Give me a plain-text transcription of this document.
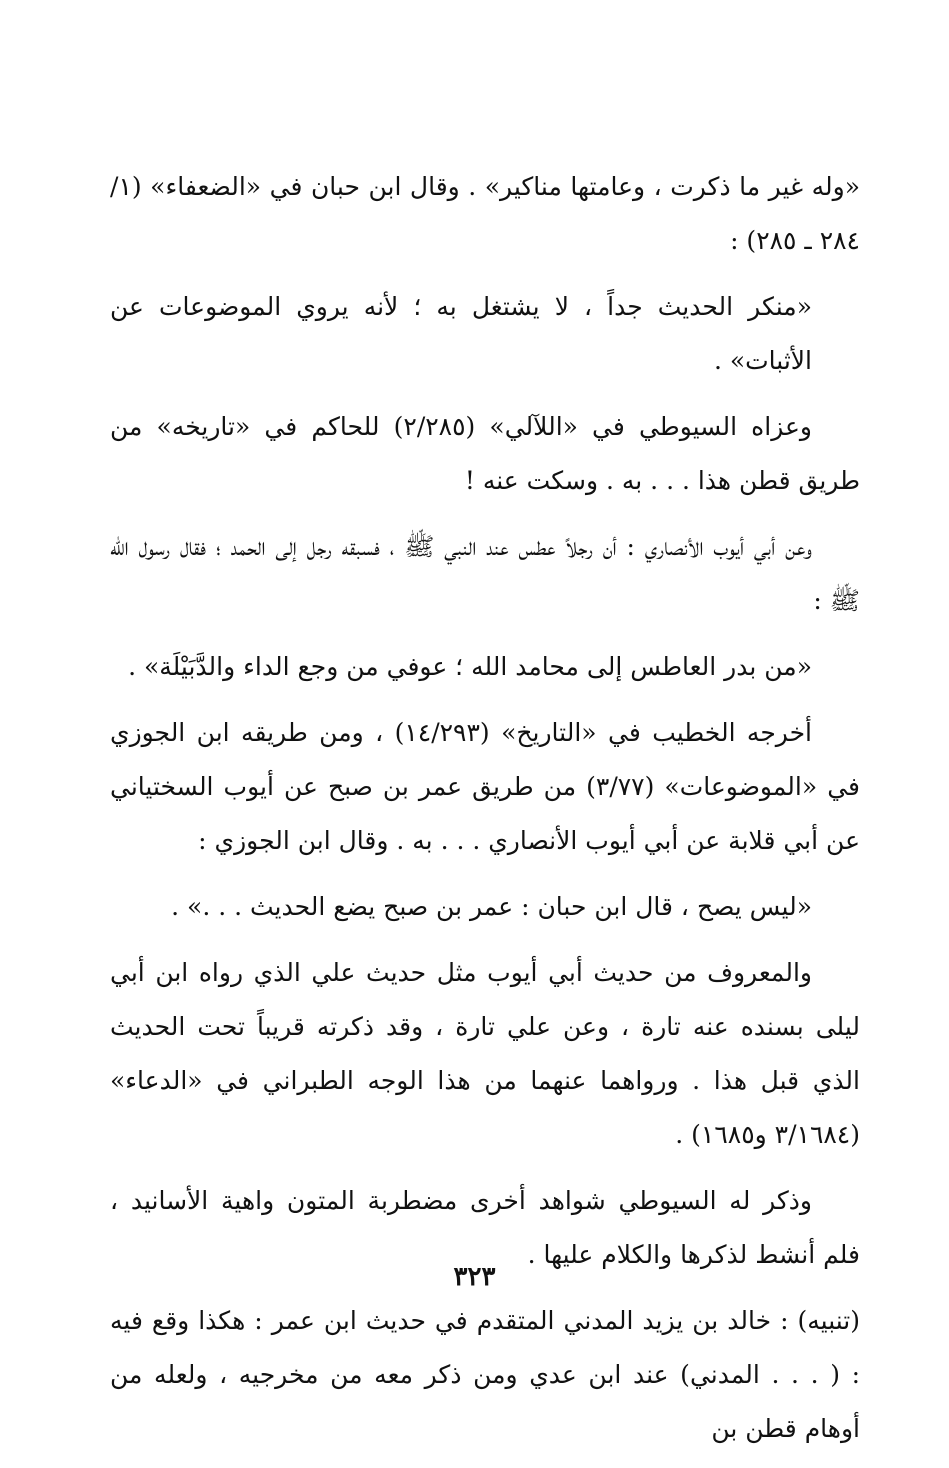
«وله غير ما ذكرت ، وعامتها مناكير» . وقال ابن حبان في «الضعفاء» (١/ ٢٨٤ ـ ٢٨٥) :

«منكر الحديث جداً ، لا يشتغل به ؛ لأنه يروي الموضوعات عن الأثبات» .

وعزاه السيوطي في «اللآلي» (٢/٢٨٥) للحاكم في «تاريخه» من طريق قطن هذا . . . به . وسكت عنه !

وعن أبي أيوب الأنصاري : أن رجلاً عطس عند النبي ﷺ ، فسبقه رجل إلى الحمد ؛ فقال رسول الله ﷺ :

«من بدر العاطس إلى محامد الله ؛ عوفي من وجع الداء والدَّبَيْلَة» .

أخرجه الخطيب في «التاريخ» (١٤/٢٩٣) ، ومن طريقه ابن الجوزي في «الموضوعات» (٣/٧٧) من طريق عمر بن صبح عن أيوب السختياني عن أبي قلابة عن أبي أيوب الأنصاري . . . به . وقال ابن الجوزي :

«ليس يصح ، قال ابن حبان : عمر بن صبح يضع الحديث . . .» .

والمعروف من حديث أبي أيوب مثل حديث علي الذي رواه ابن أبي ليلى بسنده عنه تارة ، وعن علي تارة ، وقد ذكرته قريباً تحت الحديث الذي قبل هذا . ورواهما عنهما من هذا الوجه الطبراني في «الدعاء» (٣/١٦٨٤ و١٦٨٥) .

وذكر له السيوطي شواهد أخرى مضطربة المتون واهية الأسانيد ، فلم أنشط لذكرها والكلام عليها .

(تنبيه) : خالد بن يزيد المدني المتقدم في حديث ابن عمر : هكذا وقع فيه : ( . . . المدني) عند ابن عدي ومن ذكر معه من مخرجيه ، ولعله من أوهام قطن بن

٣٢٣
